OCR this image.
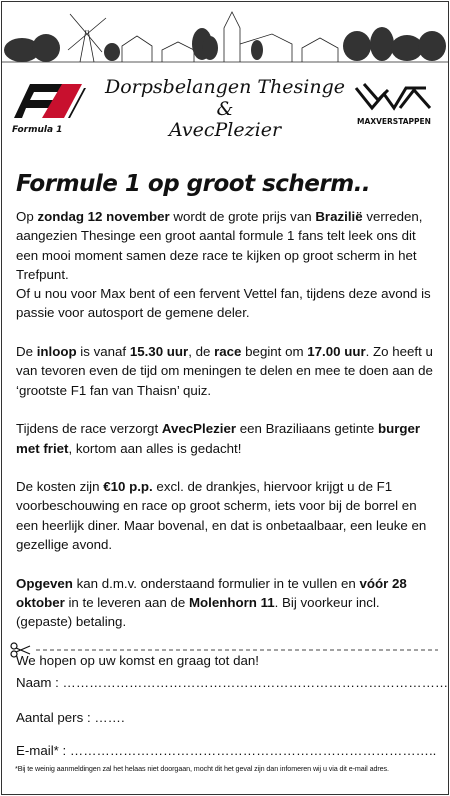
Formula 1
Dorpsbelangen Thesinge
&
AvecPlezier	MAXVERSTAPPEN
Formule 1 op groot scherm..

Op zondag 12 november wordt de grote prijs van Brazilië verreden, aangezien Thesinge een groot aantal formule 1 fans telt leek ons dit een mooi moment samen deze race te kijken op groot scherm in het Trefpunt.
Of u nou voor Max bent of een fervent Vettel fan, tijdens deze avond is passie voor autosport de gemene deler.

De inloop is vanaf 15.30 uur, de race begint om 17.00 uur. Zo heeft u van tevoren even de tijd om meningen te delen en mee te doen aan de ‘grootste F1 fan van Thaisn’ quiz.

Tijdens de race verzorgt AvecPlezier een Braziliaans getinte burger met friet, kortom aan alles is gedacht!

De kosten zijn €10 p.p. excl. de drankjes, hiervoor krijgt u de F1 voorbeschouwing en race op groot scherm, iets voor bij de borrel en een heerlijk diner. Maar bovenal, en dat is onbetaalbaar, een leuke en gezellige avond.

Opgeven kan d.m.v. onderstaand formulier in te vullen en vóór 28 oktober in te leveren aan de Molenhorn 11. Bij voorkeur incl. (gepaste) betaling.

We hopen op uw komst en graag tot dan!

Naam : ……………………………………………………………………………
Aantal pers : …….
E-mail* : ………………………………………………………………………..
*Bij te weinig aanmeldingen zal het helaas niet doorgaan, mocht dit het geval zijn dan infomeren wij u via dit e-mail adres.
